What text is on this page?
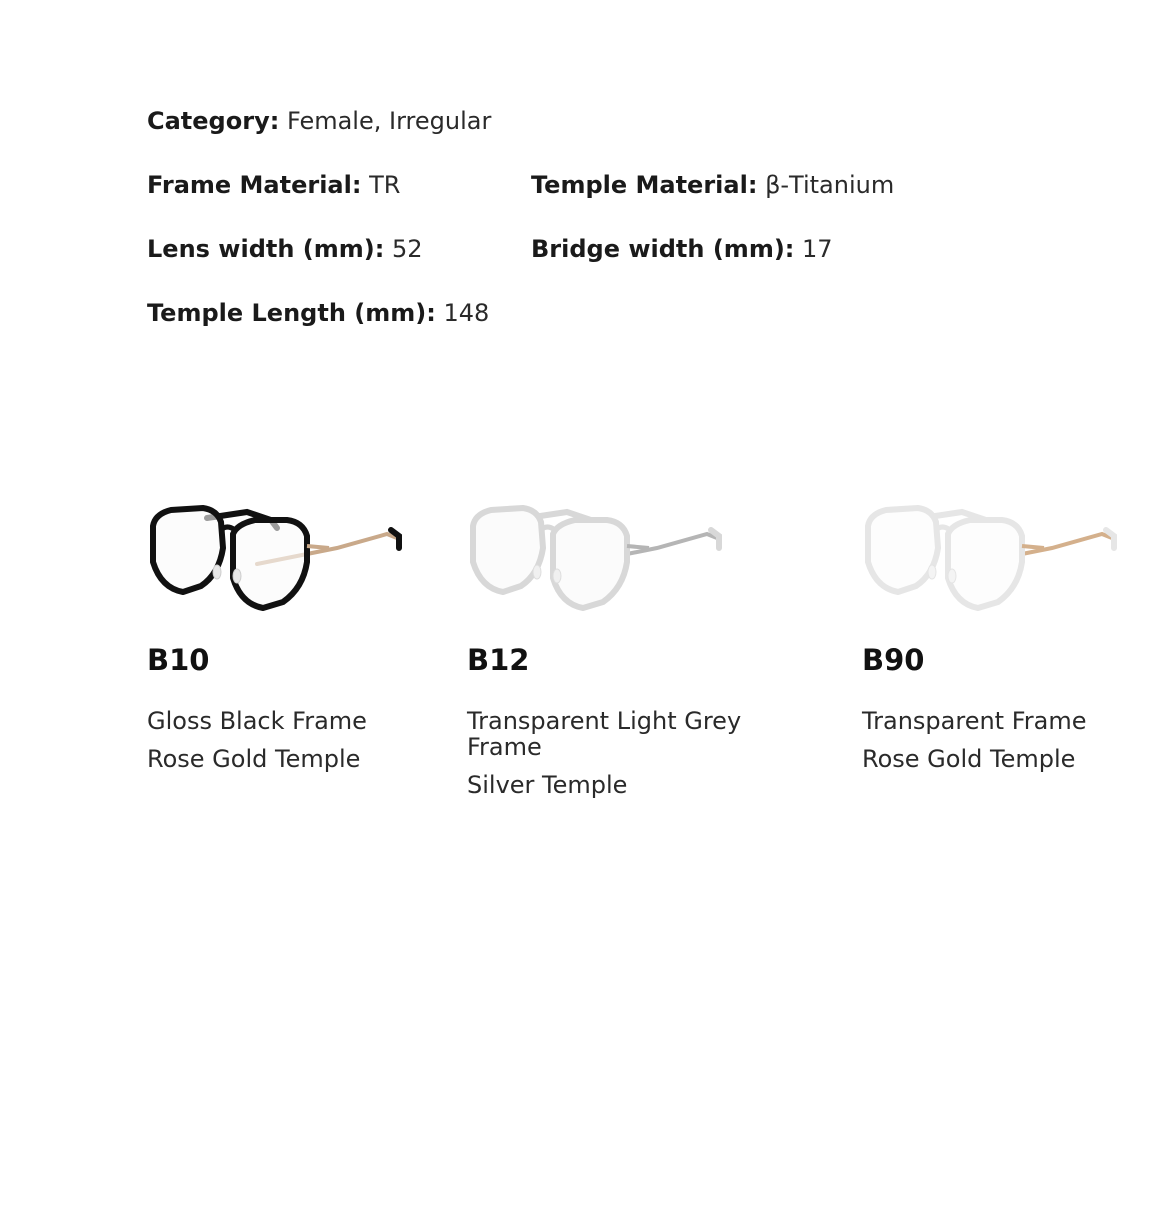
Category: Female, Irregular
Frame Material: TR	Temple Material: β-Titanium
Lens width (mm): 52	Bridge width (mm): 17
Temple Length (mm): 148
B10
Gloss Black Frame
Rose Gold Temple
B12
Transparent Light Grey Frame
Silver Temple
B90
Transparent Frame
Rose Gold Temple
